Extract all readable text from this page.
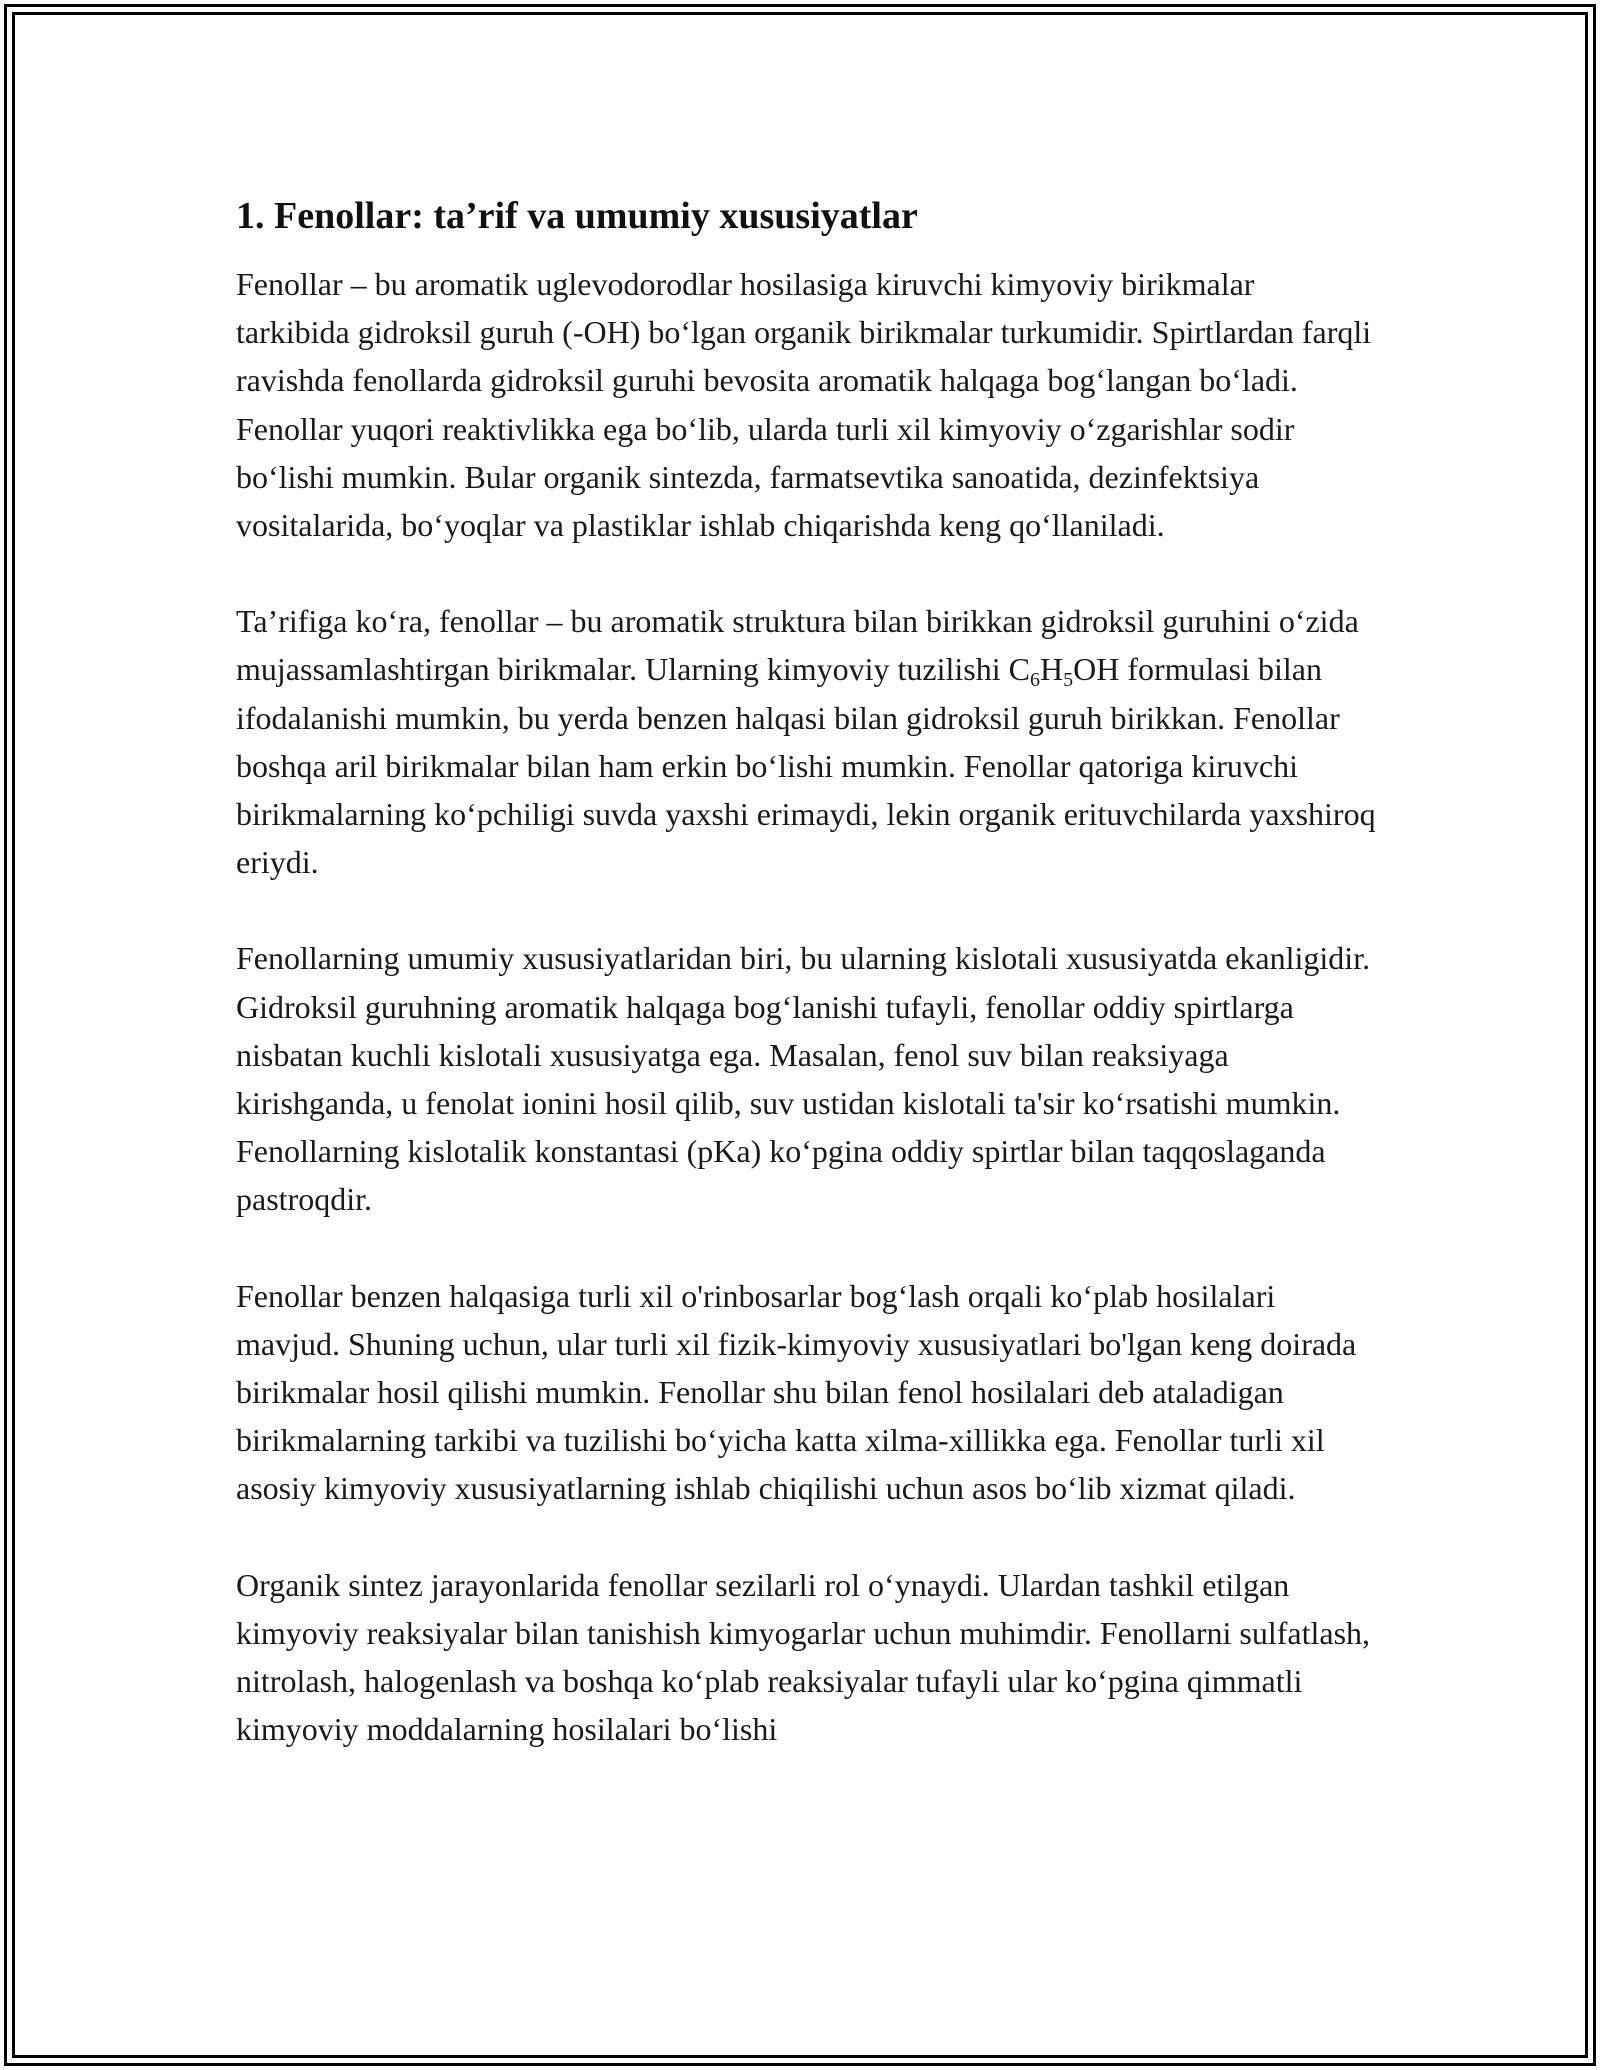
1. Fenollar: ta’rif va umumiy xususiyatlar

Fenollar – bu aromatik uglevodorodlar hosilasiga kiruvchi kimyoviy birikmalar tarkibida gidroksil guruh (-OH) bo‘lgan organik birikmalar turkumidir. Spirtlardan farqli ravishda fenollarda gidroksil guruhi bevosita aromatik halqaga bog‘langan bo‘ladi. Fenollar yuqori reaktivlikka ega bo‘lib, ularda turli xil kimyoviy o‘zgarishlar sodir bo‘lishi mumkin. Bular organik sintezda, farmatsevtika sanoatida, dezinfektsiya vositalarida, bo‘yoqlar va plastiklar ishlab chiqarishda keng qo‘llaniladi.

Ta’rifiga ko‘ra, fenollar – bu aromatik struktura bilan birikkan gidroksil guruhini o‘zida mujassamlashtirgan birikmalar. Ularning kimyoviy tuzilishi $C_6H_5OH$ formulasi bilan ifodalanishi mumkin, bu yerda benzen halqasi bilan gidroksil guruh birikkan. Fenollar boshqa aril birikmalar bilan ham erkin bo‘lishi mumkin. Fenollar qatoriga kiruvchi birikmalarning ko‘pchiligi suvda yaxshi erimaydi, lekin organik erituvchilarda yaxshiroq eriydi.

Fenollarning umumiy xususiyatlaridan biri, bu ularning kislotali xususiyatda ekanligidir. Gidroksil guruhning aromatik halqaga bog‘lanishi tufayli, fenollar oddiy spirtlarga nisbatan kuchli kislotali xususiyatga ega. Masalan, fenol suv bilan reaksiyaga kirishganda, u fenolat ionini hosil qilib, suv ustidan kislotali ta'sir ko‘rsatishi mumkin. Fenollarning kislotalik konstantasi (pKa) ko‘pgina oddiy spirtlar bilan taqqoslaganda pastroqdir.

Fenollar benzen halqasiga turli xil o'rinbosarlar bog‘lash orqali ko‘plab hosilalari mavjud. Shuning uchun, ular turli xil fizik-kimyoviy xususiyatlari bo'lgan keng doirada birikmalar hosil qilishi mumkin. Fenollar shu bilan fenol hosilalari deb ataladigan birikmalarning tarkibi va tuzilishi bo‘yicha katta xilma-xillikka ega. Fenollar turli xil asosiy kimyoviy xususiyatlarning ishlab chiqilishi uchun asos bo‘lib xizmat qiladi.

Organik sintez jarayonlarida fenollar sezilarli rol o‘ynaydi. Ulardan tashkil etilgan kimyoviy reaksiyalar bilan tanishish kimyogarlar uchun muhimdir. Fenollarni sulfatlash, nitrolash, halogenlash va boshqa ko‘plab reaksiyalar tufayli ular ko‘pgina qimmatli kimyoviy moddalarning hosilalari bo‘lishi
